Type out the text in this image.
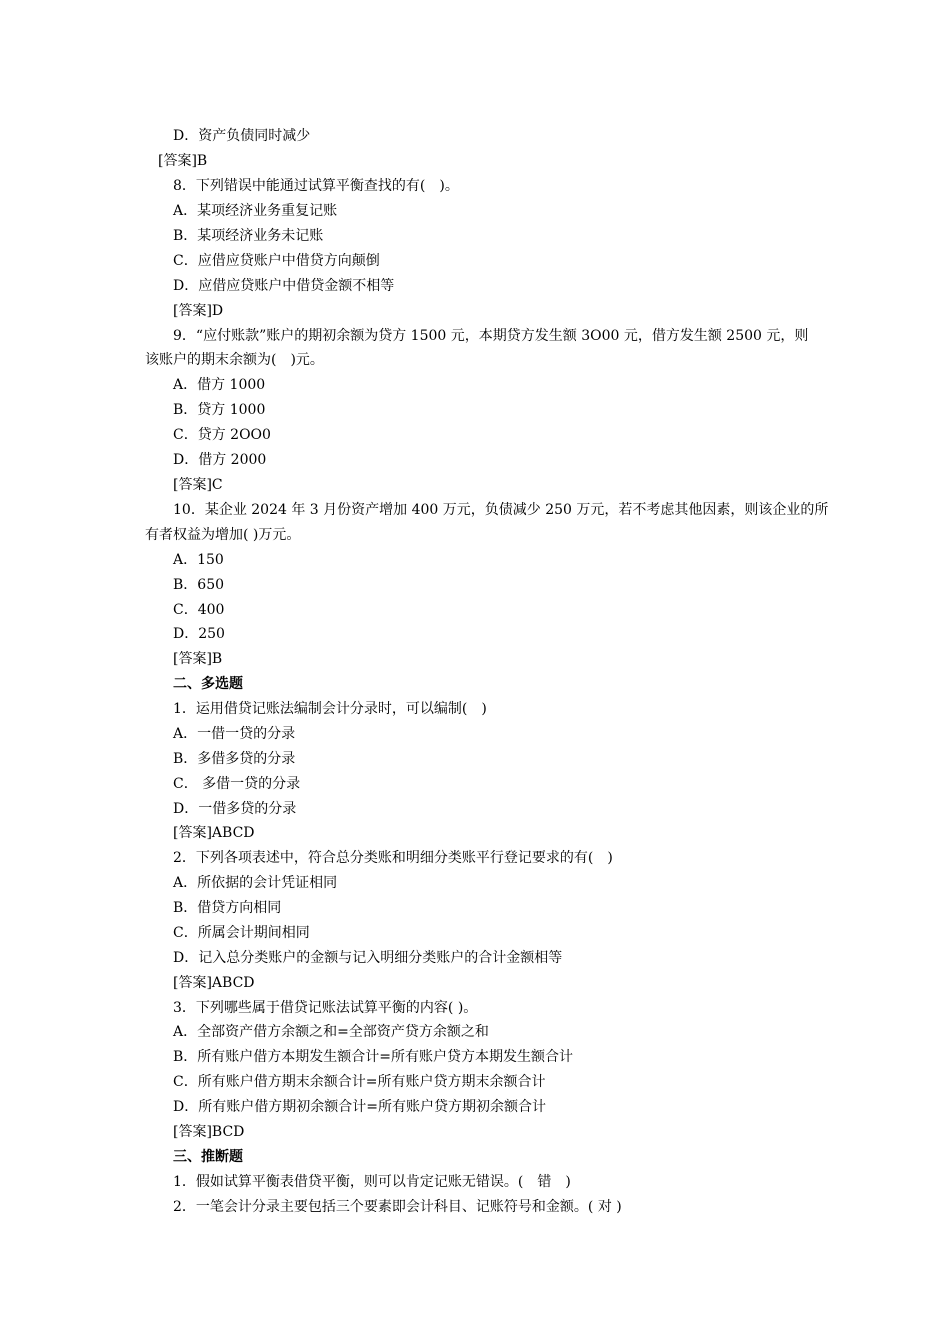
D．资产负债同时减少
[答案]B
8．下列错误中能通过试算平衡查找的有(　)。
A．某项经济业务重复记账
B．某项经济业务未记账
C．应借应贷账户中借贷方向颠倒
D．应借应贷账户中借贷金额不相等
[答案]D
9．“应付账款”账户的期初余额为贷方 1500 元，本期贷方发生额 3O00 元，借方发生额 2500 元，则
该账户的期末余额为(　)元。
A．借方 1000
B．贷方 1000
C．贷方 2OO0
D．借方 2000
[答案]C
10．某企业 2024 年 3 月份资产增加 400 万元，负债减少 250 万元，若不考虑其他因素，则该企业的所
有者权益为增加( )万元。
A．150
B．650
C．400
D．250
[答案]B
二、多选题
1．运用借贷记账法编制会计分录时，可以编制(　)
A．一借一贷的分录
B．多借多贷的分录
C． 多借一贷的分录
D．一借多贷的分录
[答案]ABCD
2．下列各项表述中，符合总分类账和明细分类账平行登记要求的有(　)
A．所依据的会计凭证相同
B．借贷方向相同
C．所属会计期间相同
D．记入总分类账户的金额与记入明细分类账户的合计金额相等
[答案]ABCD
3．下列哪些属于借贷记账法试算平衡的内容( )。
A．全部资产借方余额之和=全部资产贷方余额之和
B．所有账户借方本期发生额合计=所有账户贷方本期发生额合计
C．所有账户借方期末余额合计=所有账户贷方期末余额合计
D．所有账户借方期初余额合计=所有账户贷方期初余额合计
[答案]BCD
三、推断题
1．假如试算平衡表借贷平衡，则可以肯定记账无错误。(　错　)
2．一笔会计分录主要包括三个要素即会计科目、记账符号和金额。( 对 )
